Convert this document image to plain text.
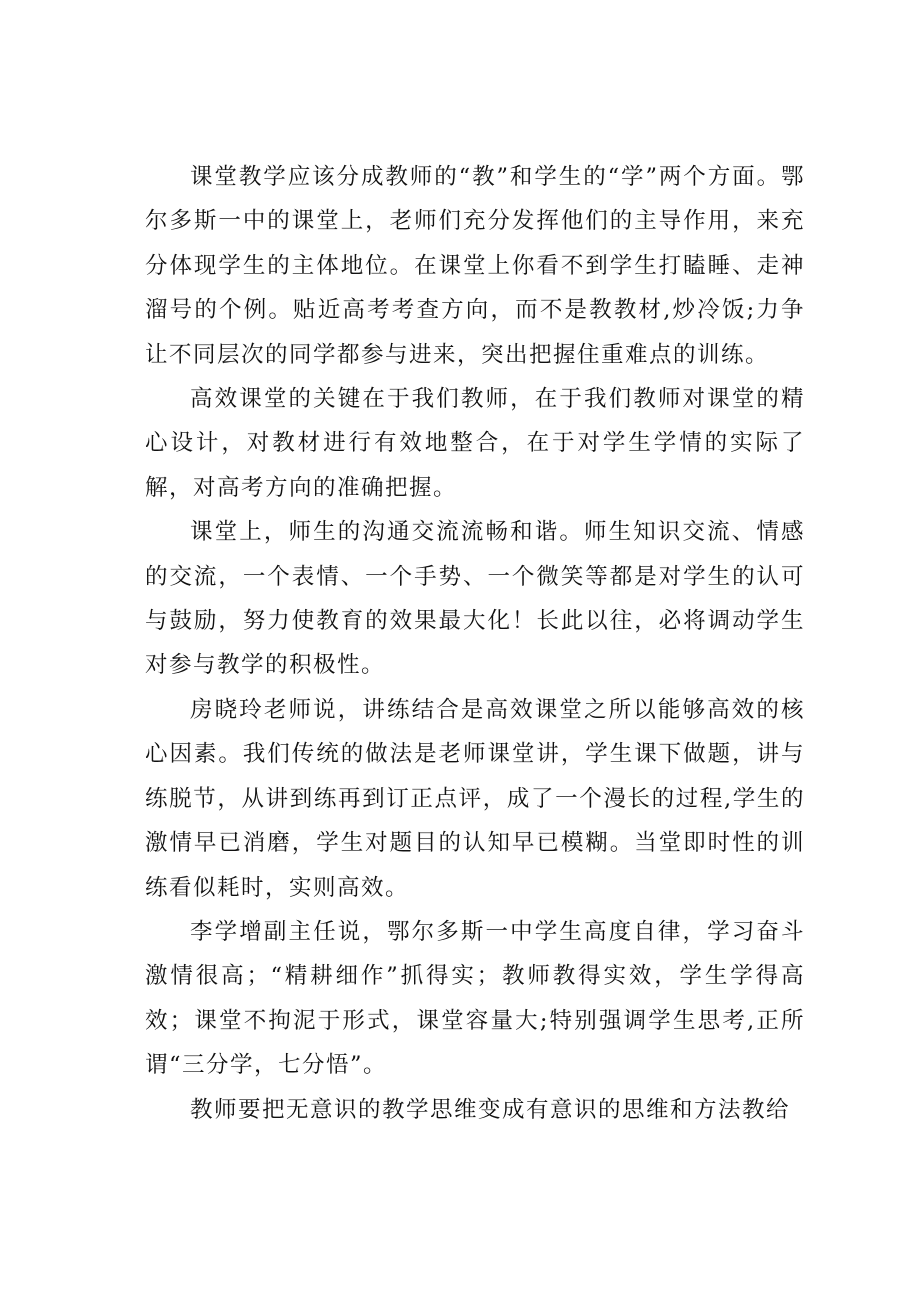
课堂教学应该分成教师的“教”和学生的“学”两个方面。鄂尔多斯一中的课堂上，老师们充分发挥他们的主导作用，来充分体现学生的主体地位。在课堂上你看不到学生打瞌睡、走神溜号的个例。贴近高考考查方向，而不是教教材,炒冷饭;力争让不同层次的同学都参与进来，突出把握住重难点的训练。

高效课堂的关键在于我们教师，在于我们教师对课堂的精心设计，对教材进行有效地整合，在于对学生学情的实际了解，对高考方向的准确把握。

课堂上，师生的沟通交流流畅和谐。师生知识交流、情感的交流，一个表情、一个手势、一个微笑等都是对学生的认可与鼓励，努力使教育的效果最大化！长此以往，必将调动学生对参与教学的积极性。

房晓玲老师说，讲练结合是高效课堂之所以能够高效的核心因素。我们传统的做法是老师课堂讲，学生课下做题，讲与练脱节，从讲到练再到订正点评，成了一个漫长的过程,学生的激情早已消磨，学生对题目的认知早已模糊。当堂即时性的训练看似耗时，实则高效。

李学增副主任说，鄂尔多斯一中学生高度自律，学习奋斗激情很高；“精耕细作”抓得实；教师教得实效，学生学得高效；课堂不拘泥于形式，课堂容量大;特别强调学生思考,正所谓“三分学，七分悟”。

教师要把无意识的教学思维变成有意识的思维和方法教给
